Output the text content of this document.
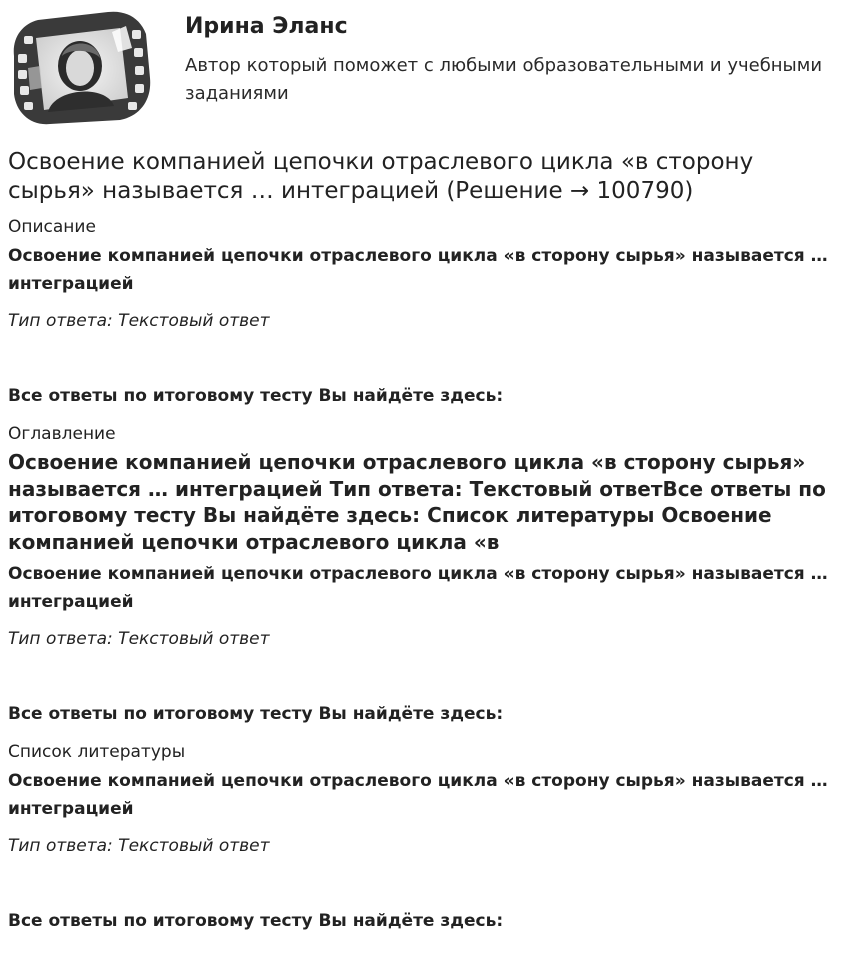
Ирина Эланс

Автор который поможет с любыми образовательными и учебными заданиями

Освоение компанией цепочки отраслевого цикла «в сторону сырья» называется … интеграцией (Решение → 100790)

Описание

Освоение компанией цепочки отраслевого цикла «в сторону сырья» называется … интеграцией

Тип ответа: Текстовый ответ

Все ответы по итоговому тесту Вы найдёте здесь:

Оглавление

Освоение компанией цепочки отраслевого цикла «в сторону сырья» называется … интеграцией Тип ответа: Текстовый ответВсе ответы по итоговому тесту Вы найдёте здесь: Список литературы Освоение компанией цепочки отраслевого цикла «в

Освоение компанией цепочки отраслевого цикла «в сторону сырья» называется … интеграцией

Тип ответа: Текстовый ответ

Все ответы по итоговому тесту Вы найдёте здесь:

Список литературы

Освоение компанией цепочки отраслевого цикла «в сторону сырья» называется … интеграцией

Тип ответа: Текстовый ответ

Все ответы по итоговому тесту Вы найдёте здесь:
